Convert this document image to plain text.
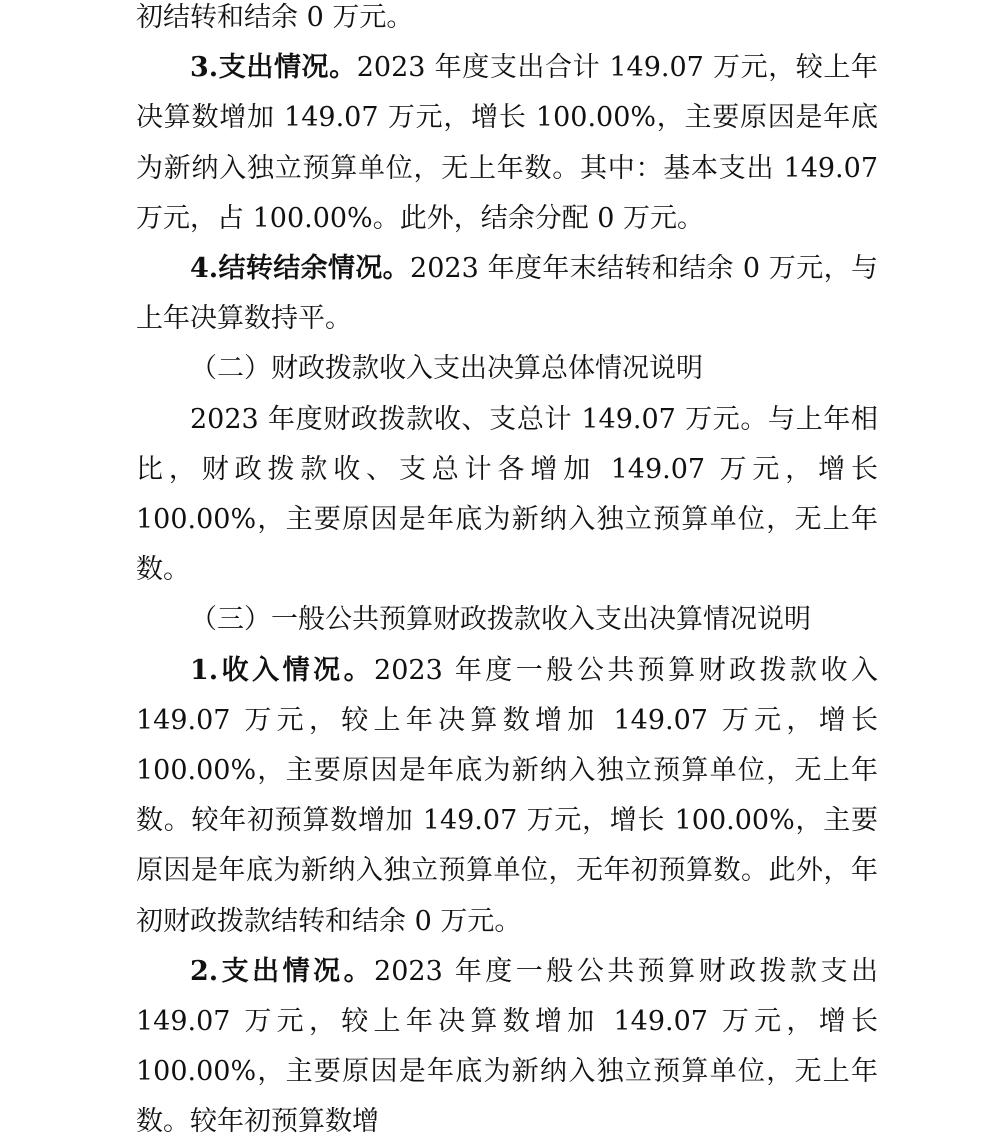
初结转和结余 0 万元。

3.支出情况。2023 年度支出合计 149.07 万元，较上年决算数增加 149.07 万元，增长 100.00%，主要原因是年底为新纳入独立预算单位，无上年数。其中：基本支出 149.07 万元，占 100.00%。此外，结余分配 0 万元。

4.结转结余情况。2023 年度年末结转和结余 0 万元，与上年决算数持平。

（二）财政拨款收入支出决算总体情况说明

2023 年度财政拨款收、支总计 149.07 万元。与上年相比，财政拨款收、支总计各增加 149.07 万元，增长 100.00%，主要原因是年底为新纳入独立预算单位，无上年数。

（三）一般公共预算财政拨款收入支出决算情况说明

1.收入情况。2023 年度一般公共预算财政拨款收入 149.07 万元，较上年决算数增加 149.07 万元，增长 100.00%，主要原因是年底为新纳入独立预算单位，无上年数。较年初预算数增加 149.07 万元，增长 100.00%，主要原因是年底为新纳入独立预算单位，无年初预算数。此外，年初财政拨款结转和结余 0 万元。

2.支出情况。2023 年度一般公共预算财政拨款支出 149.07 万元，较上年决算数增加 149.07 万元，增长 100.00%，主要原因是年底为新纳入独立预算单位，无上年数。较年初预算数增
